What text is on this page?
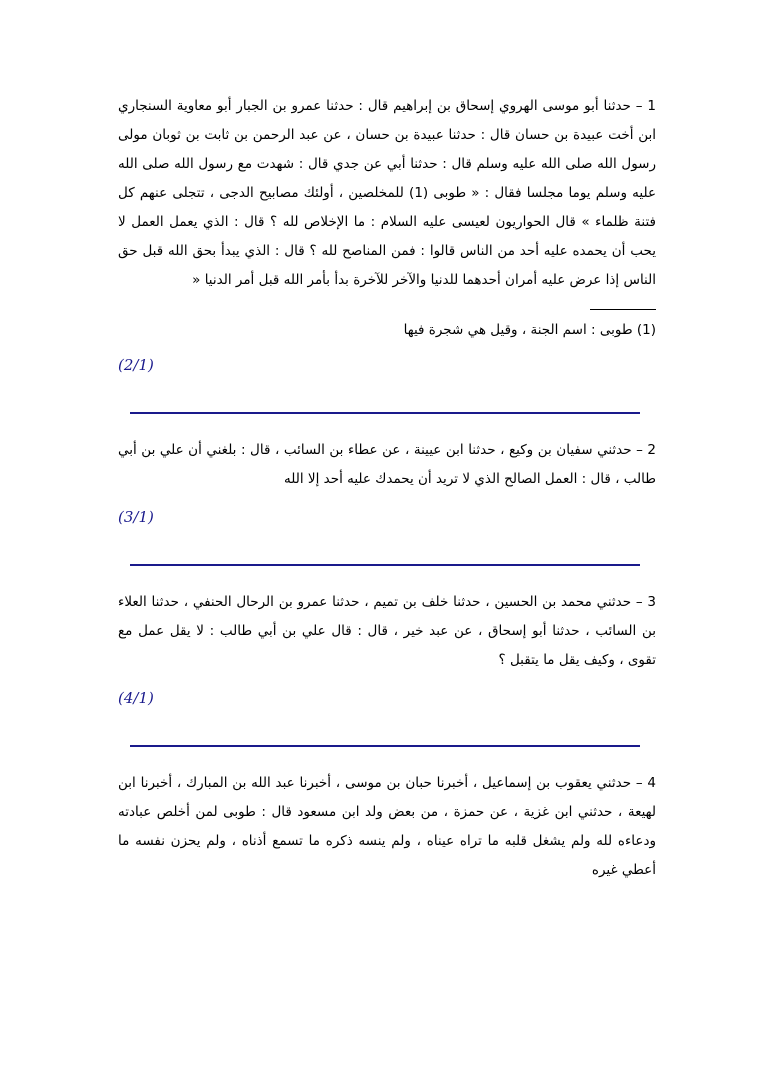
1 – حدثنا أبو موسى الهروي إسحاق بن إبراهيم قال : حدثنا عمرو بن الجبار أبو معاوية السنجاري ابن أخت عبيدة بن حسان قال : حدثنا عبيدة بن حسان ، عن عبد الرحمن بن ثابت بن ثوبان مولى رسول الله صلى الله عليه وسلم قال : حدثنا أبي عن جدي قال : شهدت مع رسول الله صلى الله عليه وسلم يوما مجلسا فقال : « طوبى (1) للمخلصين ، أولئك مصابيح الدجى ، تتجلى عنهم كل فتنة ظلماء » قال الحواريون لعيسى عليه السلام : ما الإخلاص لله ؟ قال : الذي يعمل العمل لا يحب أن يحمده عليه أحد من الناس قالوا : فمن المناصح لله ؟ قال : الذي يبدأ بحق الله قبل حق الناس إذا عرض عليه أمران أحدهما للدنيا والآخر للآخرة بدأ بأمر الله قبل أمر الدنيا «

(1) طوبى : اسم الجنة ، وقيل هي شجرة فيها

(2/1)

2 – حدثني سفيان بن وكيع ، حدثنا ابن عيينة ، عن عطاء بن السائب ، قال : بلغني أن علي بن أبي طالب ، قال : العمل الصالح الذي لا تريد أن يحمدك عليه أحد إلا الله

(3/1)

3 – حدثني محمد بن الحسين ، حدثنا خلف بن تميم ، حدثنا عمرو بن الرحال الحنفي ، حدثنا العلاء بن السائب ، حدثنا أبو إسحاق ، عن عبد خير ، قال : قال علي بن أبي طالب : لا يقل عمل مع تقوى ، وكيف يقل ما يتقبل ؟

(4/1)

4 – حدثني يعقوب بن إسماعيل ، أخبرنا حبان بن موسى ، أخبرنا عبد الله بن المبارك ، أخبرنا ابن لهيعة ، حدثني ابن غزية ، عن حمزة ، من بعض ولد ابن مسعود قال : طوبى لمن أخلص عبادته ودعاءه لله ولم يشغل قلبه ما تراه عيناه ، ولم ينسه ذكره ما تسمع أذناه ، ولم يحزن نفسه ما أعطي غيره
